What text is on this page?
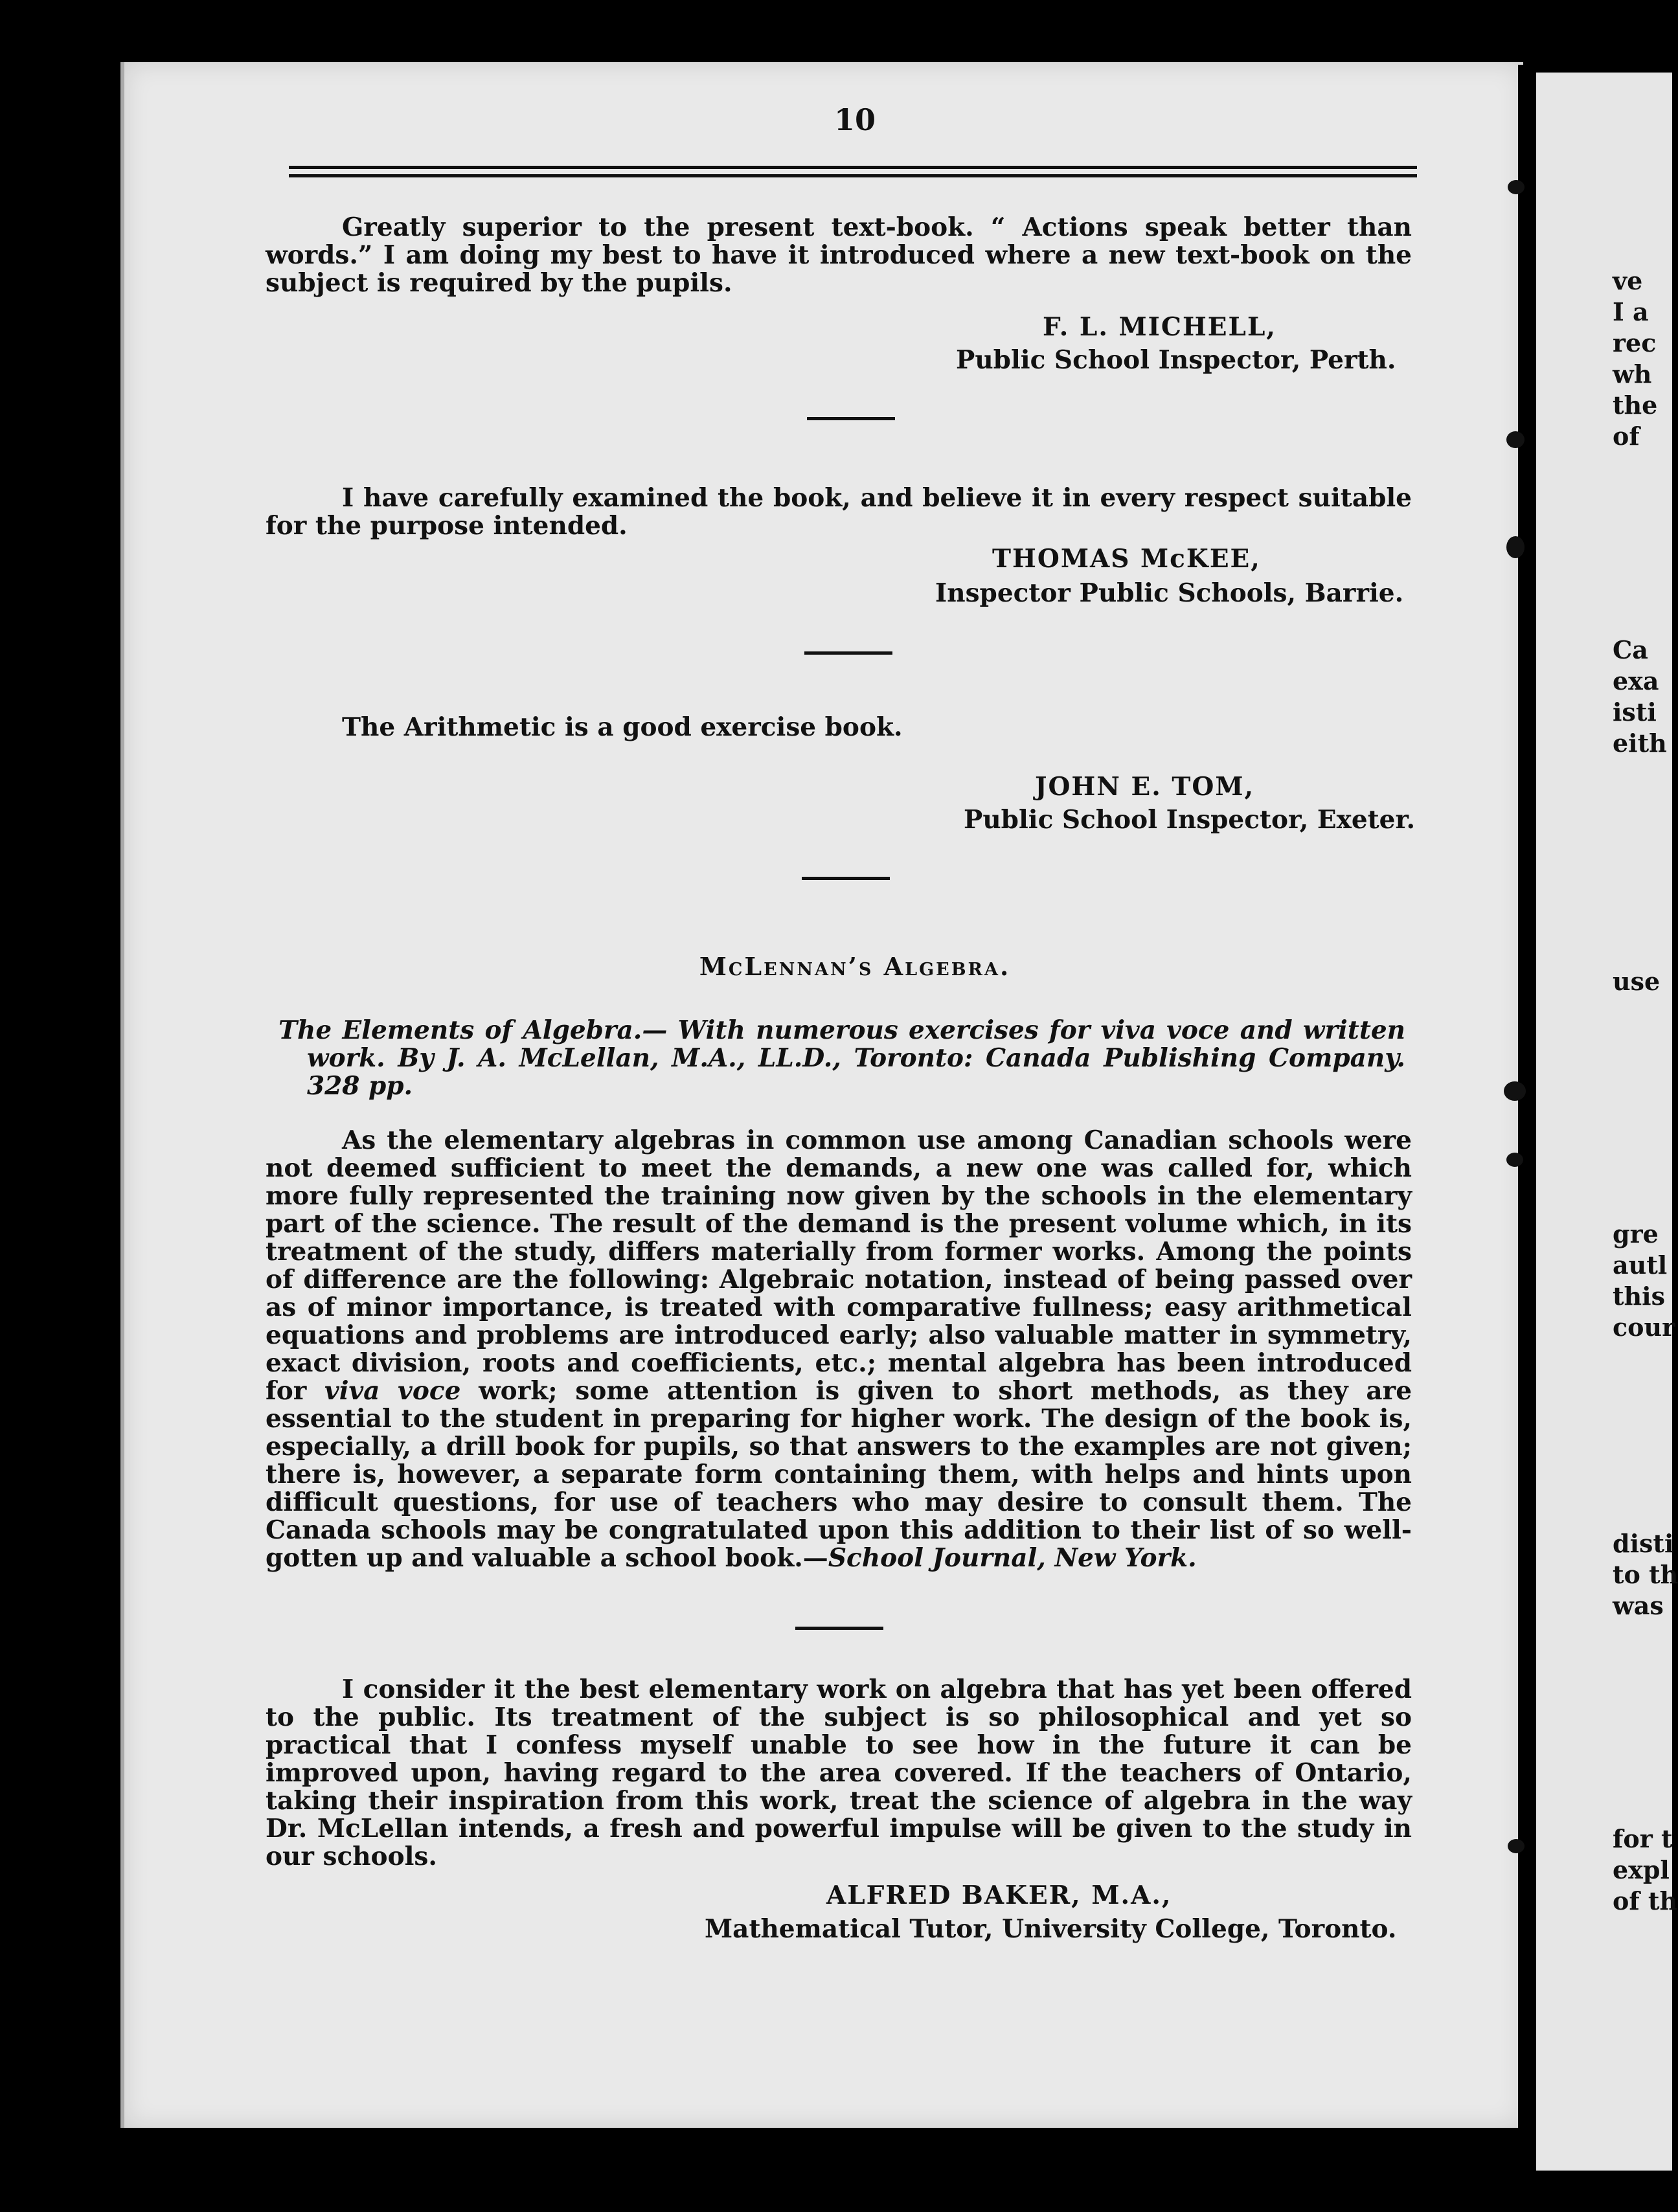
ve
I a
rec
wh
the
of
Ca
exa
isti
eith
use
gre
autl
this
cour
disti
to th
was
for t
expl
of th
10

Greatly superior to the present text-book. “ Actions speak better than words.” I am doing my best to have it introduced where a new text-book on the subject is required by the pupils.

F. L. MICHELL,
Public School Inspector, Perth.

I have carefully examined the book, and believe it in every respect suitable for the purpose intended.

THOMAS McKEE,
Inspector Public Schools, Barrie.

The Arithmetic is a good exercise book.

JOHN E. TOM,
Public School Inspector, Exeter.
McLennan’s Algebra.

The Elements of Algebra.— With numerous exercises for viva voce and written work. By J. A. McLellan, M.A., LL.D., Toronto: Canada Publishing Company. 328 pp.

As the elementary algebras in common use among Canadian schools were not deemed sufficient to meet the demands, a new one was called for, which more fully represented the training now given by the schools in the elementary part of the science. The result of the demand is the present volume which, in its treatment of the study, differs materially from former works. Among the points of difference are the following: Algebraic notation, instead of being passed over as of minor importance, is treated with comparative fullness; easy arithmetical equations and problems are introduced early; also valuable matter in symmetry, exact division, roots and coefficients, etc.; mental algebra has been introduced for viva voce work; some attention is given to short methods, as they are essential to the student in preparing for higher work. The design of the book is, especially, a drill book for pupils, so that answers to the examples are not given; there is, however, a separate form containing them, with helps and hints upon difficult questions, for use of teachers who may desire to consult them. The Canada schools may be congratulated upon this addition to their list of so well-gotten up and valuable a school book.—School Journal, New York.

I consider it the best elementary work on algebra that has yet been offered to the public. Its treatment of the subject is so philosophical and yet so practical that I confess myself unable to see how in the future it can be improved upon, having regard to the area covered. If the teachers of Ontario, taking their inspiration from this work, treat the science of algebra in the way Dr. McLellan intends, a fresh and powerful impulse will be given to the study in our schools.

ALFRED BAKER, M.A.,
Mathematical Tutor, University College, Toronto.
